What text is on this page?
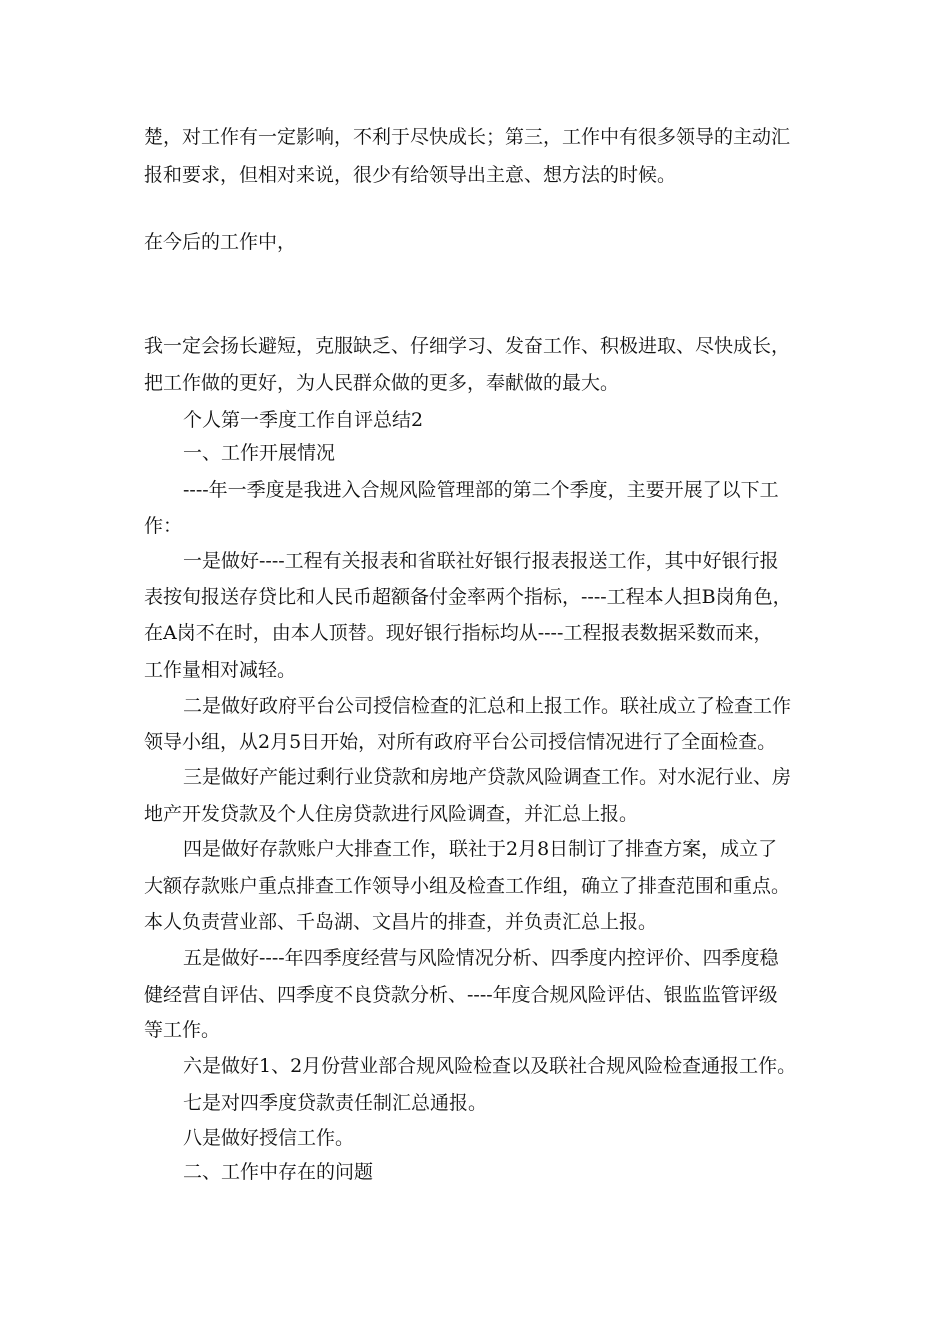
楚，对工作有一定影响，不利于尽快成长；第三，工作中有很多领导的主动汇
报和要求，但相对来说，很少有给领导出主意、想方法的时候。
在今后的工作中，
我一定会扬长避短，克服缺乏、仔细学习、发奋工作、积极进取、尽快成长，
把工作做的更好，为人民群众做的更多，奉献做的最大。
个人第一季度工作自评总结2
一、工作开展情况
----年一季度是我进入合规风险管理部的第二个季度，主要开展了以下工
作：
一是做好----工程有关报表和省联社好银行报表报送工作，其中好银行报
表按旬报送存贷比和人民币超额备付金率两个指标，----工程本人担B岗角色，
在A岗不在时，由本人顶替。现好银行指标均从----工程报表数据采数而来，
工作量相对减轻。
二是做好政府平台公司授信检查的汇总和上报工作。联社成立了检查工作
领导小组，从2月5日开始，对所有政府平台公司授信情况进行了全面检查。
三是做好产能过剩行业贷款和房地产贷款风险调查工作。对水泥行业、房
地产开发贷款及个人住房贷款进行风险调查，并汇总上报。
四是做好存款账户大排查工作，联社于2月8日制订了排查方案，成立了
大额存款账户重点排查工作领导小组及检查工作组，确立了排查范围和重点。
本人负责营业部、千岛湖、文昌片的排查，并负责汇总上报。
五是做好----年四季度经营与风险情况分析、四季度内控评价、四季度稳
健经营自评估、四季度不良贷款分析、----年度合规风险评估、银监监管评级
等工作。
六是做好1、2月份营业部合规风险检查以及联社合规风险检查通报工作。
七是对四季度贷款责任制汇总通报。
八是做好授信工作。
二、工作中存在的问题
